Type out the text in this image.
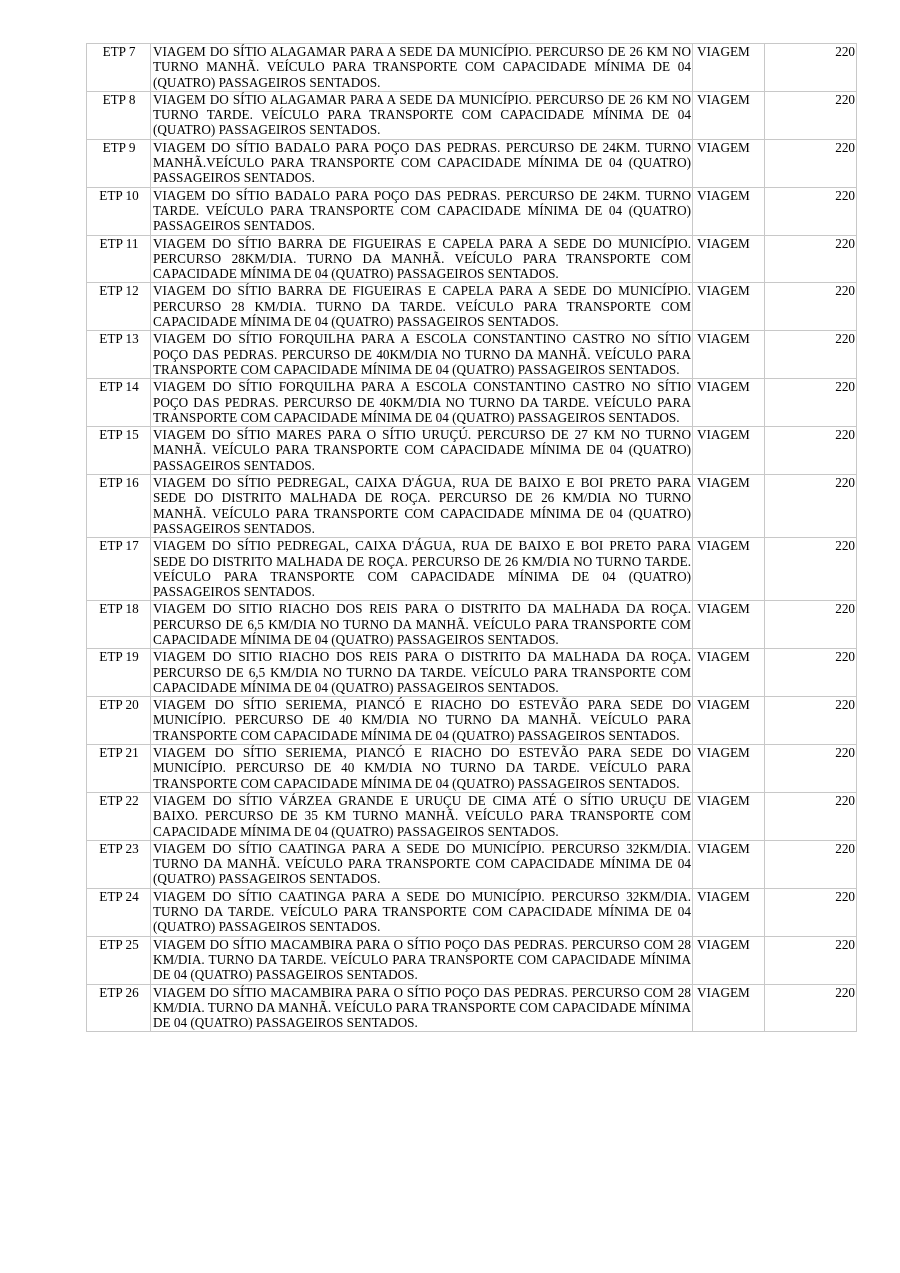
ETP 7	VIAGEM DO SÍTIO ALAGAMAR PARA A SEDE DA MUNICÍPIO. PERCURSO DE 26 KM NO TURNO MANHÃ. VEÍCULO PARA TRANSPORTE COM CAPACIDADE MÍNIMA DE 04 (QUATRO) PASSAGEIROS SENTADOS.	VIAGEM	220
ETP 8	VIAGEM DO SÍTIO ALAGAMAR PARA A SEDE DA MUNICÍPIO. PERCURSO DE 26 KM NO TURNO TARDE. VEÍCULO PARA TRANSPORTE COM CAPACIDADE MÍNIMA DE 04 (QUATRO) PASSAGEIROS SENTADOS.	VIAGEM	220
ETP 9	VIAGEM DO SÍTIO BADALO PARA POÇO DAS PEDRAS. PERCURSO DE 24KM. TURNO MANHÃ.VEÍCULO PARA TRANSPORTE COM CAPACIDADE MÍNIMA DE 04 (QUATRO) PASSAGEIROS SENTADOS.	VIAGEM	220
ETP 10	VIAGEM DO SÍTIO BADALO PARA POÇO DAS PEDRAS. PERCURSO DE 24KM. TURNO TARDE. VEÍCULO PARA TRANSPORTE COM CAPACIDADE MÍNIMA DE 04 (QUATRO) PASSAGEIROS SENTADOS.	VIAGEM	220
ETP 11	VIAGEM DO SÍTIO BARRA DE FIGUEIRAS E CAPELA PARA A SEDE DO MUNICÍPIO. PERCURSO 28KM/DIA. TURNO DA MANHÃ. VEÍCULO PARA TRANSPORTE COM CAPACIDADE MÍNIMA DE 04 (QUATRO) PASSAGEIROS SENTADOS.	VIAGEM	220
ETP 12	VIAGEM DO SÍTIO BARRA DE FIGUEIRAS E CAPELA PARA A SEDE DO MUNICÍPIO. PERCURSO 28 KM/DIA. TURNO DA TARDE. VEÍCULO PARA TRANSPORTE COM CAPACIDADE MÍNIMA DE 04 (QUATRO) PASSAGEIROS SENTADOS.	VIAGEM	220
ETP 13	VIAGEM DO SÍTIO FORQUILHA PARA A ESCOLA CONSTANTINO CASTRO NO SÍTIO POÇO DAS PEDRAS. PERCURSO DE 40KM/DIA NO TURNO DA MANHÃ. VEÍCULO PARA TRANSPORTE COM CAPACIDADE MÍNIMA DE 04 (QUATRO) PASSAGEIROS SENTADOS.	VIAGEM	220
ETP 14	VIAGEM DO SÍTIO FORQUILHA PARA A ESCOLA CONSTANTINO CASTRO NO SÍTIO POÇO DAS PEDRAS. PERCURSO DE 40KM/DIA NO TURNO DA TARDE. VEÍCULO PARA TRANSPORTE COM CAPACIDADE MÍNIMA DE 04 (QUATRO) PASSAGEIROS SENTADOS.	VIAGEM	220
ETP 15	VIAGEM DO SÍTIO MARES PARA O SÍTIO URUÇÚ. PERCURSO DE 27 KM NO TURNO MANHÃ. VEÍCULO PARA TRANSPORTE COM CAPACIDADE MÍNIMA DE 04 (QUATRO) PASSAGEIROS SENTADOS.	VIAGEM	220
ETP 16	VIAGEM DO SÍTIO PEDREGAL, CAIXA D'ÁGUA, RUA DE BAIXO E BOI PRETO PARA SEDE DO DISTRITO MALHADA DE ROÇA. PERCURSO DE 26 KM/DIA NO TURNO MANHÃ. VEÍCULO PARA TRANSPORTE COM CAPACIDADE MÍNIMA DE 04 (QUATRO) PASSAGEIROS SENTADOS.	VIAGEM	220
ETP 17	VIAGEM DO SÍTIO PEDREGAL, CAIXA D'ÁGUA, RUA DE BAIXO E BOI PRETO PARA SEDE DO DISTRITO MALHADA DE ROÇA. PERCURSO DE 26 KM/DIA NO TURNO TARDE. VEÍCULO PARA TRANSPORTE COM CAPACIDADE MÍNIMA DE 04 (QUATRO) PASSAGEIROS SENTADOS.	VIAGEM	220
ETP 18	VIAGEM DO SITIO RIACHO DOS REIS PARA O DISTRITO DA MALHADA DA ROÇA. PERCURSO DE 6,5 KM/DIA NO TURNO DA MANHÃ. VEÍCULO PARA TRANSPORTE COM CAPACIDADE MÍNIMA DE 04 (QUATRO) PASSAGEIROS SENTADOS.	VIAGEM	220
ETP 19	VIAGEM DO SITIO RIACHO DOS REIS PARA O DISTRITO DA MALHADA DA ROÇA. PERCURSO DE 6,5 KM/DIA NO TURNO DA TARDE. VEÍCULO PARA TRANSPORTE COM CAPACIDADE MÍNIMA DE 04 (QUATRO) PASSAGEIROS SENTADOS.	VIAGEM	220
ETP 20	VIAGEM DO SÍTIO SERIEMA, PIANCÓ E RIACHO DO ESTEVÃO PARA SEDE DO MUNICÍPIO. PERCURSO DE 40 KM/DIA NO TURNO DA MANHÃ. VEÍCULO PARA TRANSPORTE COM CAPACIDADE MÍNIMA DE 04 (QUATRO) PASSAGEIROS SENTADOS.	VIAGEM	220
ETP 21	VIAGEM DO SÍTIO SERIEMA, PIANCÓ E RIACHO DO ESTEVÃO PARA SEDE DO MUNICÍPIO. PERCURSO DE 40 KM/DIA NO TURNO DA TARDE. VEÍCULO PARA TRANSPORTE COM CAPACIDADE MÍNIMA DE 04 (QUATRO) PASSAGEIROS SENTADOS.	VIAGEM	220
ETP 22	VIAGEM DO SÍTIO VÁRZEA GRANDE E URUÇU DE CIMA ATÉ O SÍTIO URUÇU DE BAIXO. PERCURSO DE 35 KM TURNO MANHÃ. VEÍCULO PARA TRANSPORTE COM CAPACIDADE MÍNIMA DE 04 (QUATRO) PASSAGEIROS SENTADOS.	VIAGEM	220
ETP 23	VIAGEM DO SÍTIO CAATINGA PARA A SEDE DO MUNICÍPIO. PERCURSO 32KM/DIA. TURNO DA MANHÃ. VEÍCULO PARA TRANSPORTE COM CAPACIDADE MÍNIMA DE 04 (QUATRO) PASSAGEIROS SENTADOS.	VIAGEM	220
ETP 24	VIAGEM DO SÍTIO CAATINGA PARA A SEDE DO MUNICÍPIO. PERCURSO 32KM/DIA. TURNO DA TARDE. VEÍCULO PARA TRANSPORTE COM CAPACIDADE MÍNIMA DE 04 (QUATRO) PASSAGEIROS SENTADOS.	VIAGEM	220
ETP 25	VIAGEM DO SÍTIO MACAMBIRA PARA O SÍTIO POÇO DAS PEDRAS. PERCURSO COM 28 KM/DIA. TURNO DA TARDE. VEÍCULO PARA TRANSPORTE COM CAPACIDADE MÍNIMA DE 04 (QUATRO) PASSAGEIROS SENTADOS.	VIAGEM	220
ETP 26	VIAGEM DO SÍTIO MACAMBIRA PARA O SÍTIO POÇO DAS PEDRAS. PERCURSO COM 28 KM/DIA. TURNO DA MANHÃ. VEÍCULO PARA TRANSPORTE COM CAPACIDADE MÍNIMA DE 04 (QUATRO) PASSAGEIROS SENTADOS.	VIAGEM	220
